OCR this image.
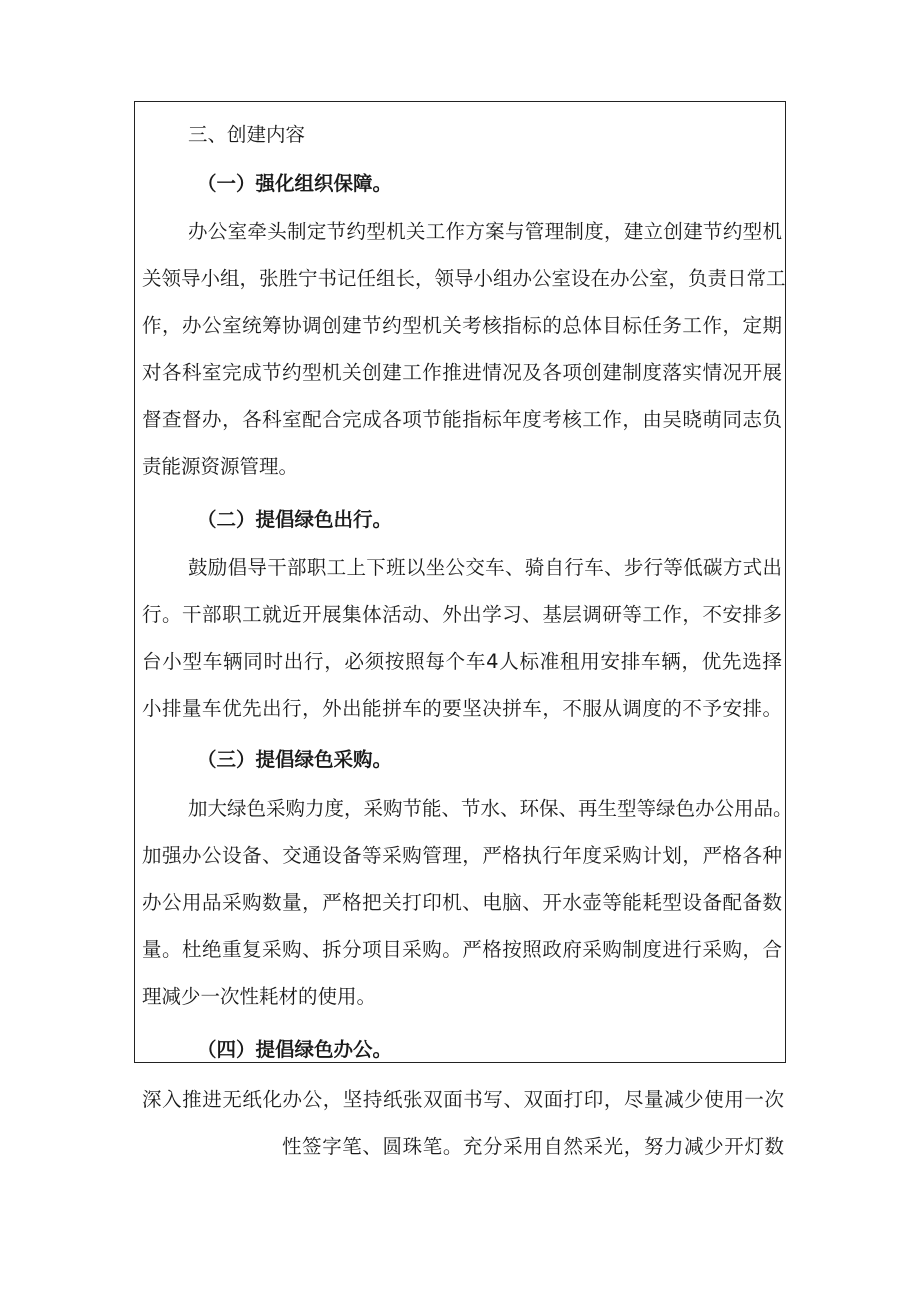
三、创建内容
（一）强化组织保障。
办公室牵头制定节约型机关工作方案与管理制度，建立创建节约型机
关领导小组，张胜宁书记任组长，领导小组办公室设在办公室，负责日常工
作，办公室统筹协调创建节约型机关考核指标的总体目标任务工作，定期
对各科室完成节约型机关创建工作推进情况及各项创建制度落实情况开展
督查督办，各科室配合完成各项节能指标年度考核工作，由吴晓萌同志负
责能源资源管理。
（二）提倡绿色出行。
鼓励倡导干部职工上下班以坐公交车、骑自行车、步行等低碳方式出
行。干部职工就近开展集体活动、外出学习、基层调研等工作，不安排多
台小型车辆同时出行，必须按照每个车4人标准租用安排车辆，优先选择
小排量车优先出行，外出能拼车的要坚决拼车，不服从调度的不予安排。
（三）提倡绿色采购。
加大绿色采购力度，采购节能、节水、环保、再生型等绿色办公用品。
加强办公设备、交通设备等采购管理，严格执行年度采购计划，严格各种
办公用品采购数量，严格把关打印机、电脑、开水壶等能耗型设备配备数
量。杜绝重复采购、拆分项目采购。严格按照政府采购制度进行采购，合
理减少一次性耗材的使用。
（四）提倡绿色办公。
深入推进无纸化办公，坚持纸张双面书写、双面打印，尽量减少使用一次
性签字笔、圆珠笔。充分采用自然采光，努力减少开灯数
